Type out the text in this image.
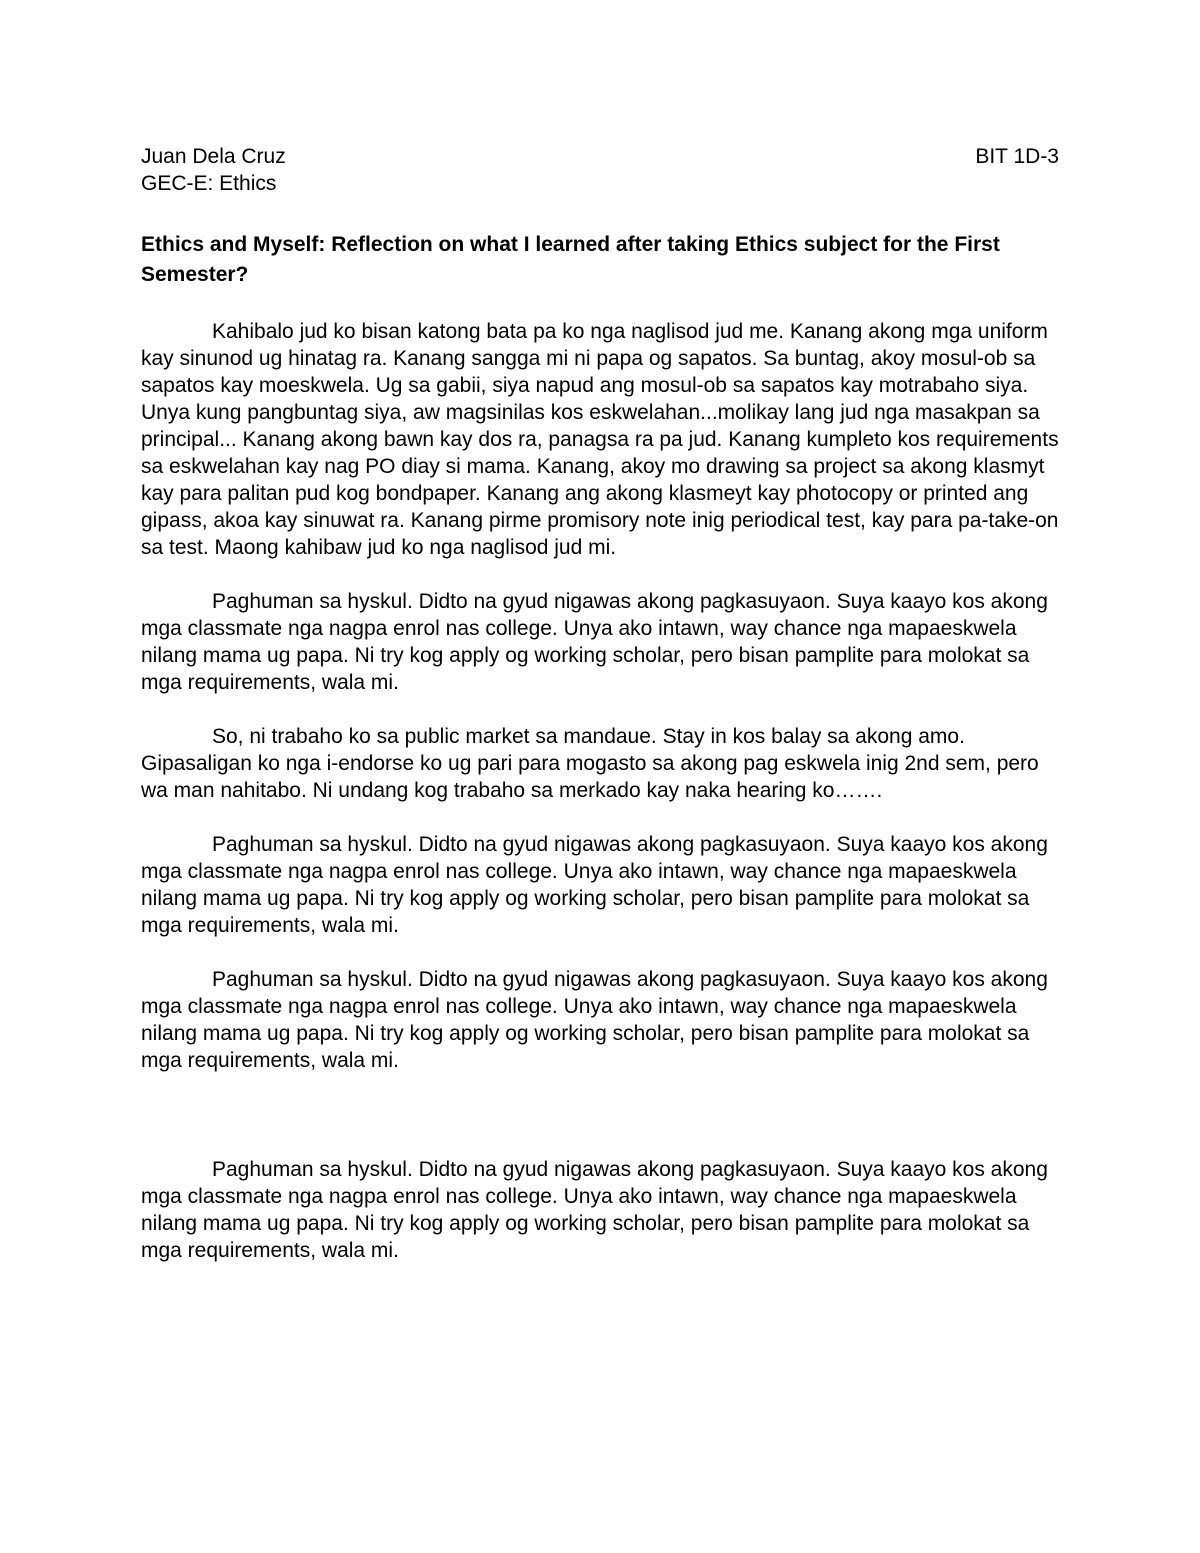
Juan Dela Cruz	BIT 1D-3
GEC-E: Ethics
Ethics and Myself: Reflection on what I learned after taking Ethics subject for the First Semester?

Kahibalo jud ko bisan katong bata pa ko nga naglisod jud me. Kanang akong mga uniform kay sinunod ug hinatag ra. Kanang sangga mi ni papa og sapatos. Sa buntag, akoy mosul-ob sa sapatos kay moeskwela. Ug sa gabii, siya napud ang mosul-ob sa sapatos kay motrabaho siya. Unya kung pangbuntag siya, aw magsinilas kos eskwelahan...molikay lang jud nga masakpan sa principal... Kanang akong bawn kay dos ra, panagsa ra pa jud. Kanang kumpleto kos requirements sa eskwelahan kay nag PO diay si mama. Kanang, akoy mo drawing sa project sa akong klasmyt kay para palitan pud kog bondpaper. Kanang ang akong klasmeyt kay photocopy or printed ang gipass, akoa kay sinuwat ra. Kanang pirme promisory note inig periodical test, kay para pa-take-on sa test. Maong kahibaw jud ko nga naglisod jud mi.

Paghuman sa hyskul. Didto na gyud nigawas akong pagkasuyaon. Suya kaayo kos akong mga classmate nga nagpa enrol nas college. Unya ako intawn, way chance nga mapaeskwela nilang mama ug papa. Ni try kog apply og working scholar, pero bisan pamplite para molokat sa mga requirements, wala mi.

So, ni trabaho ko sa public market sa mandaue. Stay in kos balay sa akong amo. Gipasaligan ko nga i-endorse ko ug pari para mogasto sa akong pag eskwela inig 2nd sem, pero wa man nahitabo. Ni undang kog trabaho sa merkado kay naka hearing ko…….

Paghuman sa hyskul. Didto na gyud nigawas akong pagkasuyaon. Suya kaayo kos akong mga classmate nga nagpa enrol nas college. Unya ako intawn, way chance nga mapaeskwela nilang mama ug papa. Ni try kog apply og working scholar, pero bisan pamplite para molokat sa mga requirements, wala mi.

Paghuman sa hyskul. Didto na gyud nigawas akong pagkasuyaon. Suya kaayo kos akong mga classmate nga nagpa enrol nas college. Unya ako intawn, way chance nga mapaeskwela nilang mama ug papa. Ni try kog apply og working scholar, pero bisan pamplite para molokat sa mga requirements, wala mi.

Paghuman sa hyskul. Didto na gyud nigawas akong pagkasuyaon. Suya kaayo kos akong mga classmate nga nagpa enrol nas college. Unya ako intawn, way chance nga mapaeskwela nilang mama ug papa. Ni try kog apply og working scholar, pero bisan pamplite para molokat sa mga requirements, wala mi.
